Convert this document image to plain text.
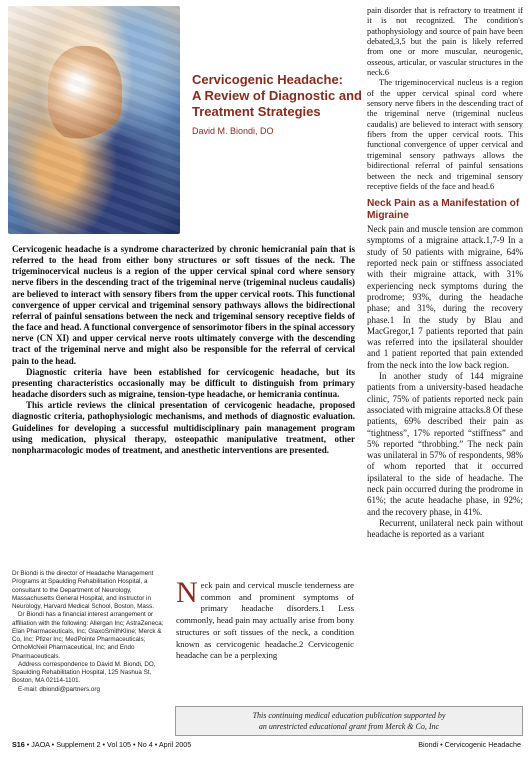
Cervicogenic Headache:
A Review of Diagnostic and
Treatment Strategies
David M. Biondi, DO

Cervicogenic headache is a syndrome characterized by chronic hemicranial pain that is referred to the head from either bony structures or soft tissues of the neck. The trigeminocervical nucleus is a region of the upper cervical spinal cord where sensory nerve fibers in the descending tract of the trigeminal nerve (trigeminal nucleus caudalis) are believed to interact with sensory fibers from the upper cervical roots. This functional convergence of upper cervical and trigeminal sensory pathways allows the bidirectional referral of painful sensations between the neck and trigeminal sensory receptive fields of the face and head. A functional convergence of sensorimotor fibers in the spinal accessory nerve (CN XI) and upper cervical nerve roots ultimately converge with the descending tract of the trigeminal nerve and might also be responsible for the referral of cervical pain to the head.

Diagnostic criteria have been established for cervicogenic headache, but its presenting characteristics occasionally may be difficult to distinguish from primary headache disorders such as migraine, tension-type headache, or hemicrania continua.

This article reviews the clinical presentation of cervicogenic headache, proposed diagnostic criteria, pathophysiologic mechanisms, and methods of diagnostic evaluation. Guidelines for developing a successful multidisciplinary pain management program using medication, physical therapy, osteopathic manipulative treatment, other nonpharmacologic modes of treatment, and anesthetic interventions are presented.

pain disorder that is refractory to treatment if it is not recognized. The condition's pathophysiology and source of pain have been debated,3,5 but the pain is likely referred from one or more muscular, neurogenic, osseous, articular, or vascular structures in the neck.6

The trigeminocervical nucleus is a region of the upper cervical spinal cord where sensory nerve fibers in the descending tract of the trigeminal nerve (trigeminal nucleus caudalis) are believed to interact with sensory fibers from the upper cervical roots. This functional convergence of upper cervical and trigeminal sensory pathways allows the bidirectional referral of painful sensations between the neck and trigeminal sensory receptive fields of the face and head.6

Neck Pain as a Manifestation of Migraine

Neck pain and muscle tension are common symptoms of a migraine attack.1,7-9 In a study of 50 patients with migraine, 64% reported neck pain or stiffness associated with their migraine attack, with 31% experiencing neck symptoms during the prodrome; 93%, during the headache phase; and 31%, during the recovery phase.1 In the study by Blau and MacGregor,1 7 patients reported that pain was referred into the ipsilateral shoulder and 1 patient reported that pain extended from the neck into the low back region.

In another study of 144 migraine patients from a university-based headache clinic, 75% of patients reported neck pain associated with migraine attacks.8 Of these patients, 69% described their pain as “tightness”, 17% reported “stiffness” and 5% reported “throbbing.” The neck pain was unilateral in 57% of respondents, 98% of whom reported that it occurred ipsilateral to the side of headache. The neck pain occurred during the prodrome in 61%; the acute headache phase, in 92%; and the recovery phase, in 41%.

Recurrent, unilateral neck pain without headache is reported as a variant

Dr Biondi is the director of Headache Management Programs at Spaulding Rehabilitation Hospital, a consultant to the Department of Neurology, Massachusetts General Hospital, and instructor in Neurology, Harvard Medical School, Boston, Mass.

Dr Biondi has a financial interest arrangement or affiliation with the following: Allergan Inc; AstraZeneca; Elan Pharmaceuticals, Inc; GlaxoSmithKline; Merck & Co, Inc; Pfizer Inc; MedPointe Pharmaceuticals; OrthoMcNeil Pharmaceutical, Inc; and Endo Pharmaceuticals.

Address correspondence to David M. Biondi, DO, Spaulding Rehabilitation Hospital, 125 Nashua St, Boston, MA 02114-1101.

E-mail: dbiondi@partners.org

Neck pain and cervical muscle tenderness are common and prominent symptoms of primary headache disorders.1 Less commonly, head pain may actually arise from bony structures or soft tissues of the neck, a condition known as cervicogenic headache.2 Cervicogenic headache can be a perplexing

This continuing medical education publication supported by
an unrestricted educational grant from Merck & Co, Inc
S16 • JAOA • Supplement 2 • Vol 105 • No 4 • April 2005	Biondi • Cervicogenic Headache
